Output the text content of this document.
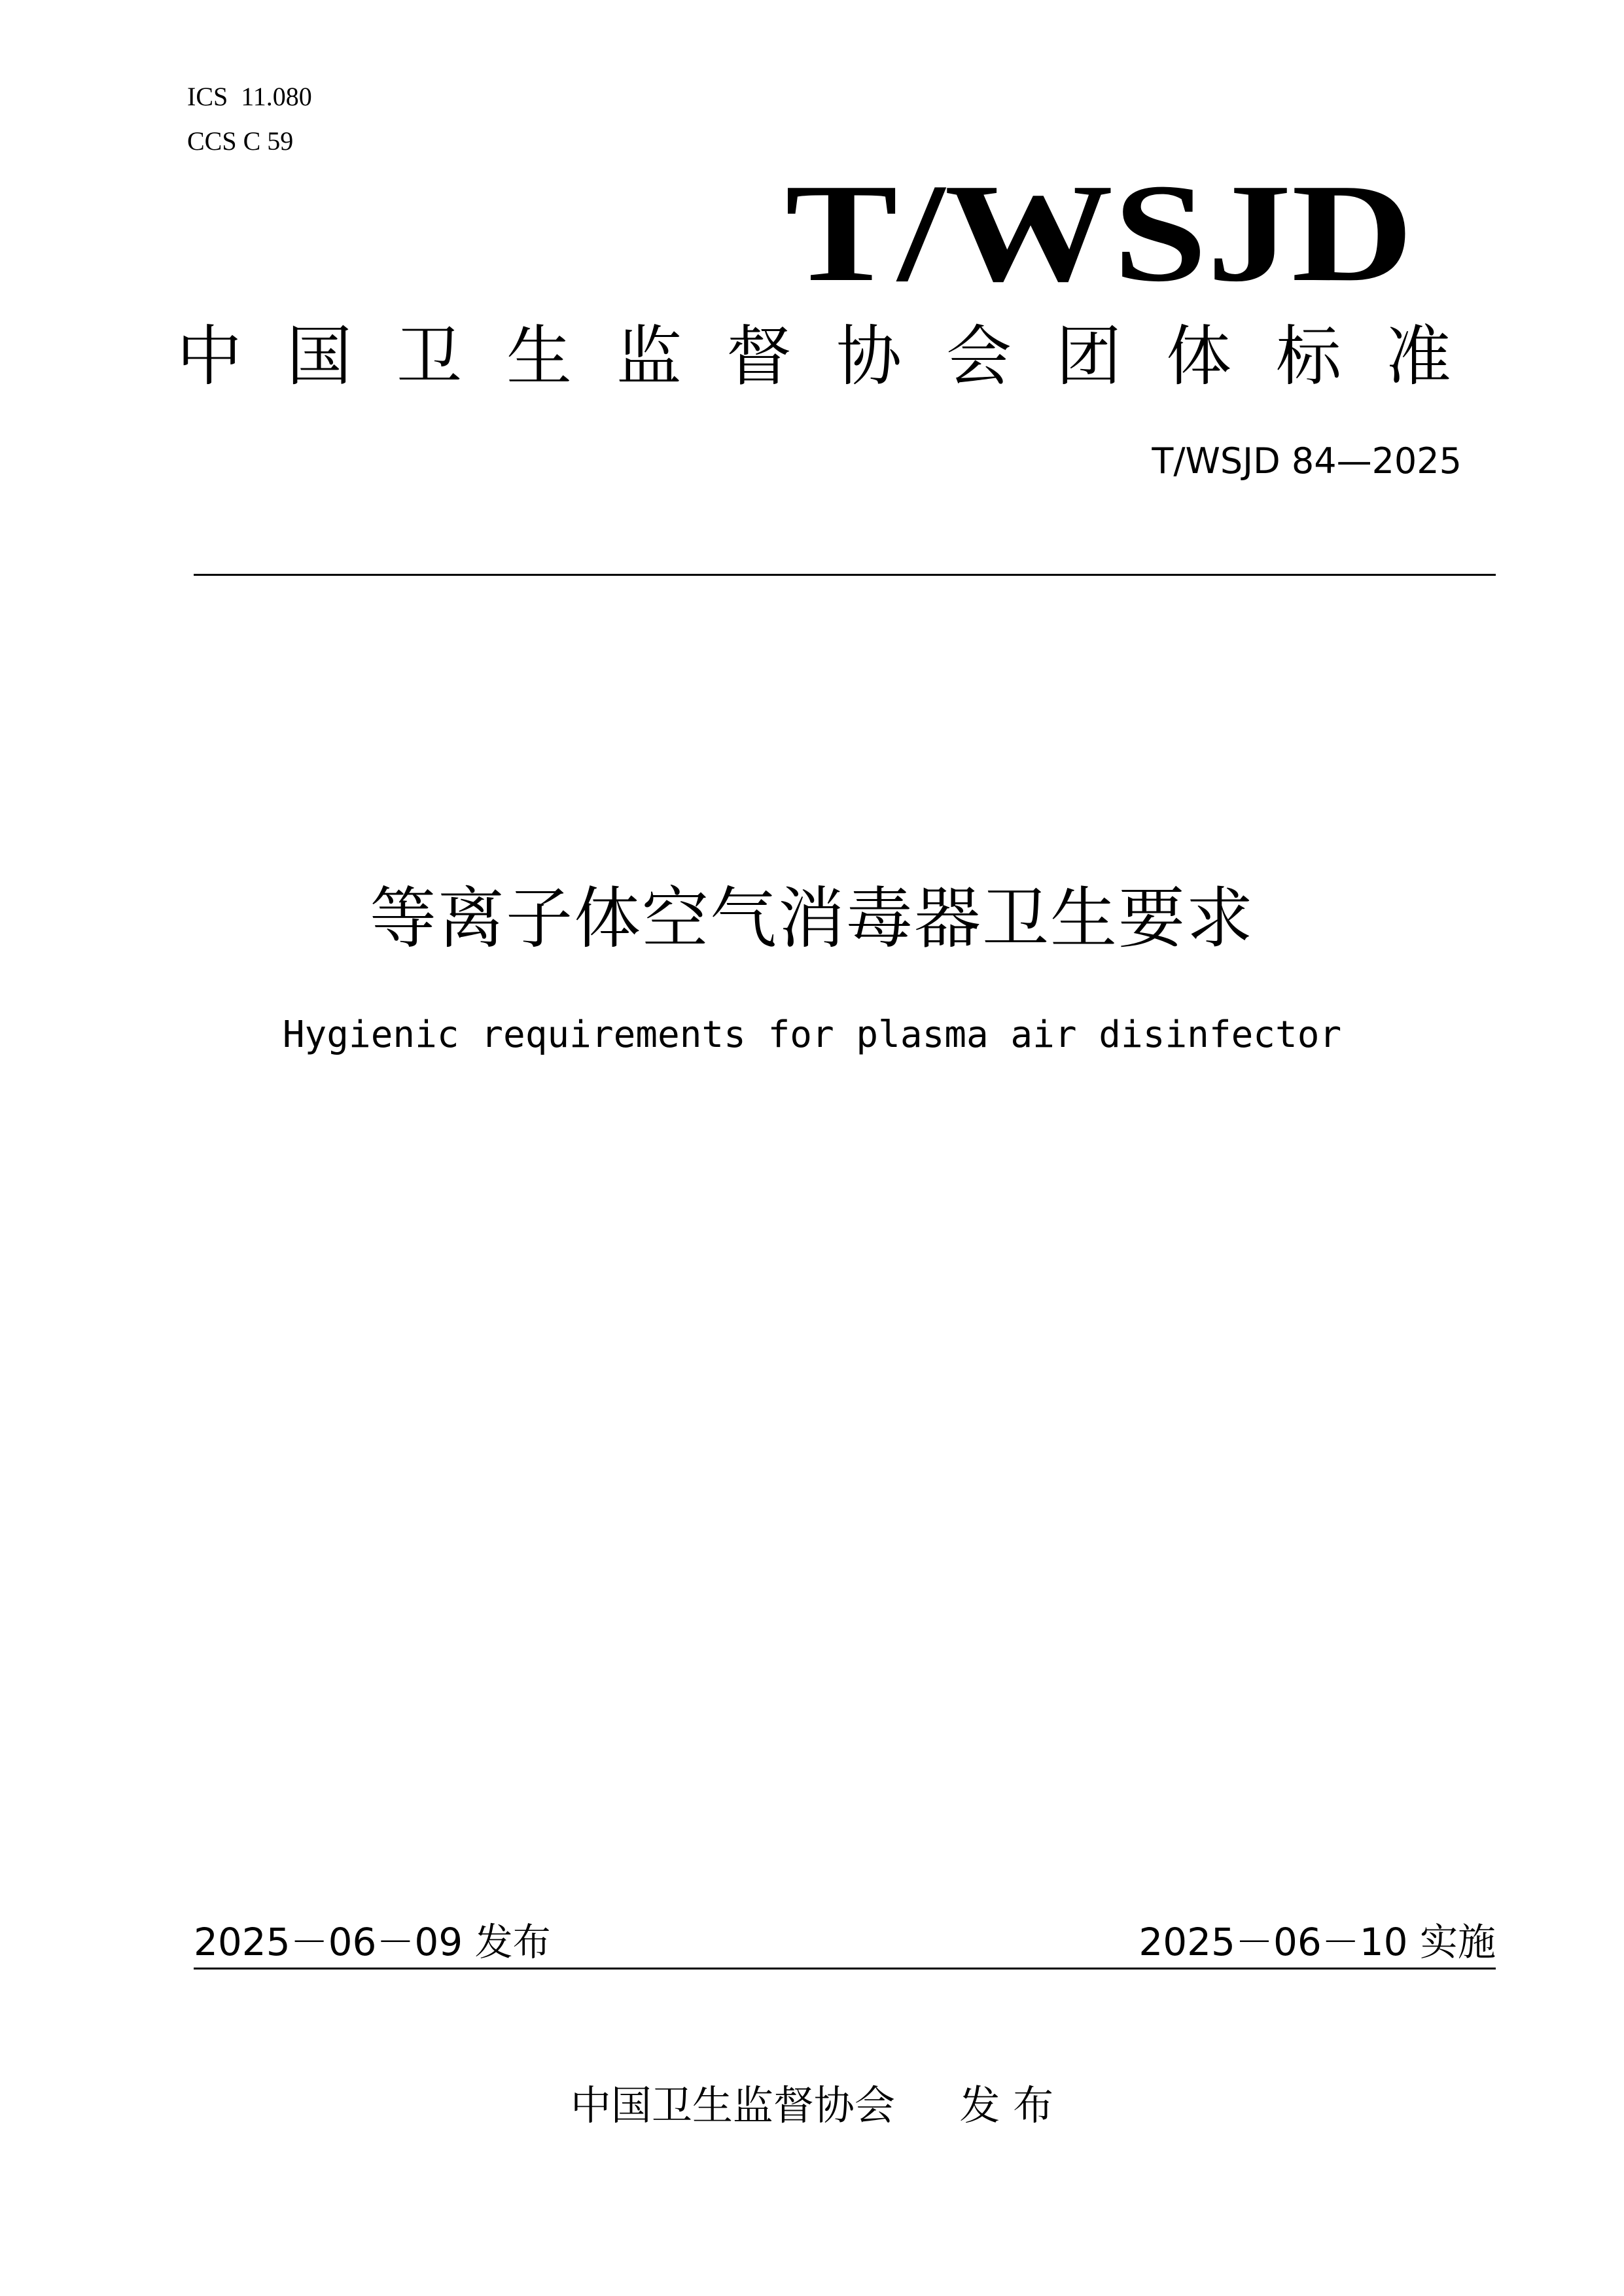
ICS  11.080
CCS C 59
T/WSJD
中国卫生监督协会团体标准
T/WSJD 84—2025
等离子体空气消毒器卫生要求
Hygienic requirements for plasma air disinfector
2025－06－09 发布	2025－06－10 实施
中国卫生监督协会     发 布
